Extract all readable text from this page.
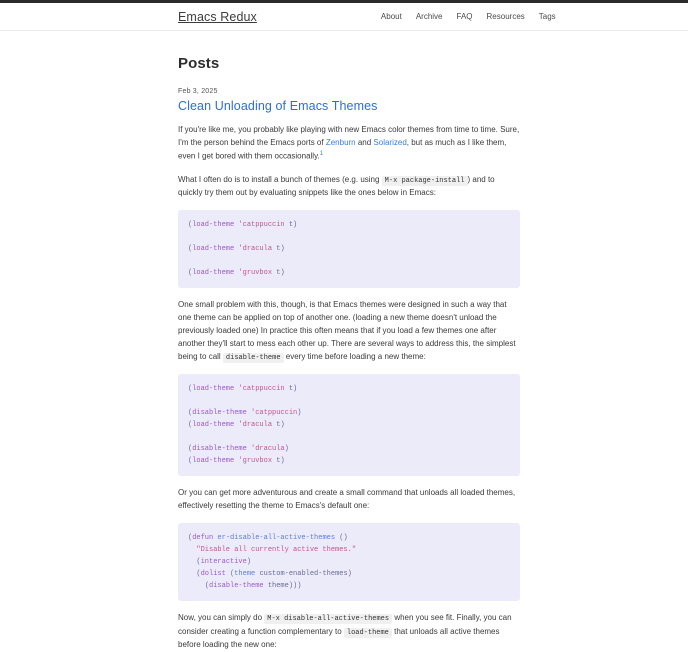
Emacs Redux	About Archive FAQ Resources Tags
Posts
Feb 3, 2025
Clean Unloading of Emacs Themes

If you're like me, you probably like playing with new Emacs color themes from time to time. Sure, I'm the person behind the Emacs ports of Zenburn and Solarized, but as much as I like them, even I get bored with them occasionally.$^1$

What I often do is to install a bunch of themes (e.g. using M-x package-install ) and to quickly try them out by evaluating snippets like the ones below in Emacs:

(load-theme 'catppuccin t)

(load-theme 'dracula t)

(load-theme 'gruvbox t)

One small problem with this, though, is that Emacs themes were designed in such a way that one theme can be applied on top of another one. (loading a new theme doesn't unload the previously loaded one) In practice this often means that if you load a few themes one after another they'll start to mess each other up. There are several ways to address this, the simplest being to call disable-theme every time before loading a new theme:

(load-theme 'catppuccin t)

(disable-theme 'catppuccin)
(load-theme 'dracula t)

(disable-theme 'dracula)
(load-theme 'gruvbox t)

Or you can get more adventurous and create a small command that unloads all loaded themes, effectively resetting the theme to Emacs's default one:

(defun er-disable-all-active-themes ()
"Disable all currently active themes."
(interactive)
(dolist (theme custom-enabled-themes)
(disable-theme theme)))

Now, you can simply do M-x disable-all-active-themes when you see fit. Finally, you can consider creating a function complementary to load-theme that unloads all active themes before loading the new one:
